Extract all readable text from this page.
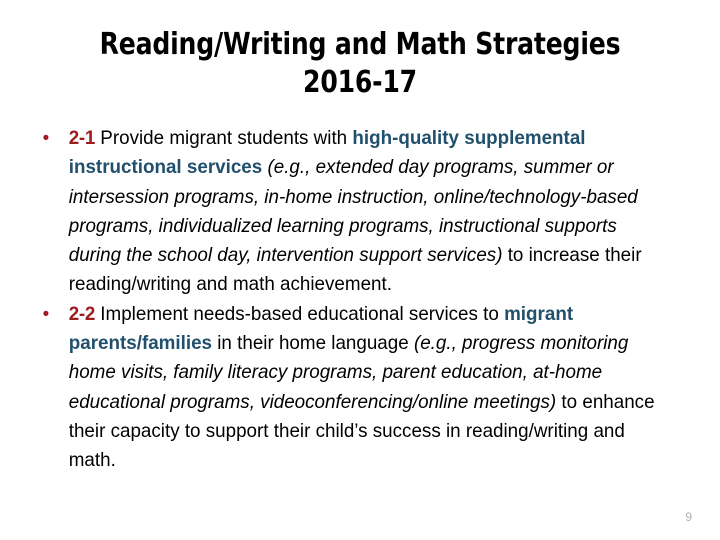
Reading/Writing and Math Strategies
2016-17
• 2-1 Provide migrant students with high-quality supplemental instructional services (e.g., extended day programs, summer or intersession programs, in-home instruction, online/technology-based programs, individualized learning programs, instructional supports during the school day, intervention support services) to increase their reading/writing and math achievement.
• 2-2 Implement needs-based educational services to migrant parents/families in their home language (e.g., progress monitoring home visits, family literacy programs, parent education, at-home educational programs, videoconferencing/online meetings) to enhance their capacity to support their child’s success in reading/writing and math.
9
